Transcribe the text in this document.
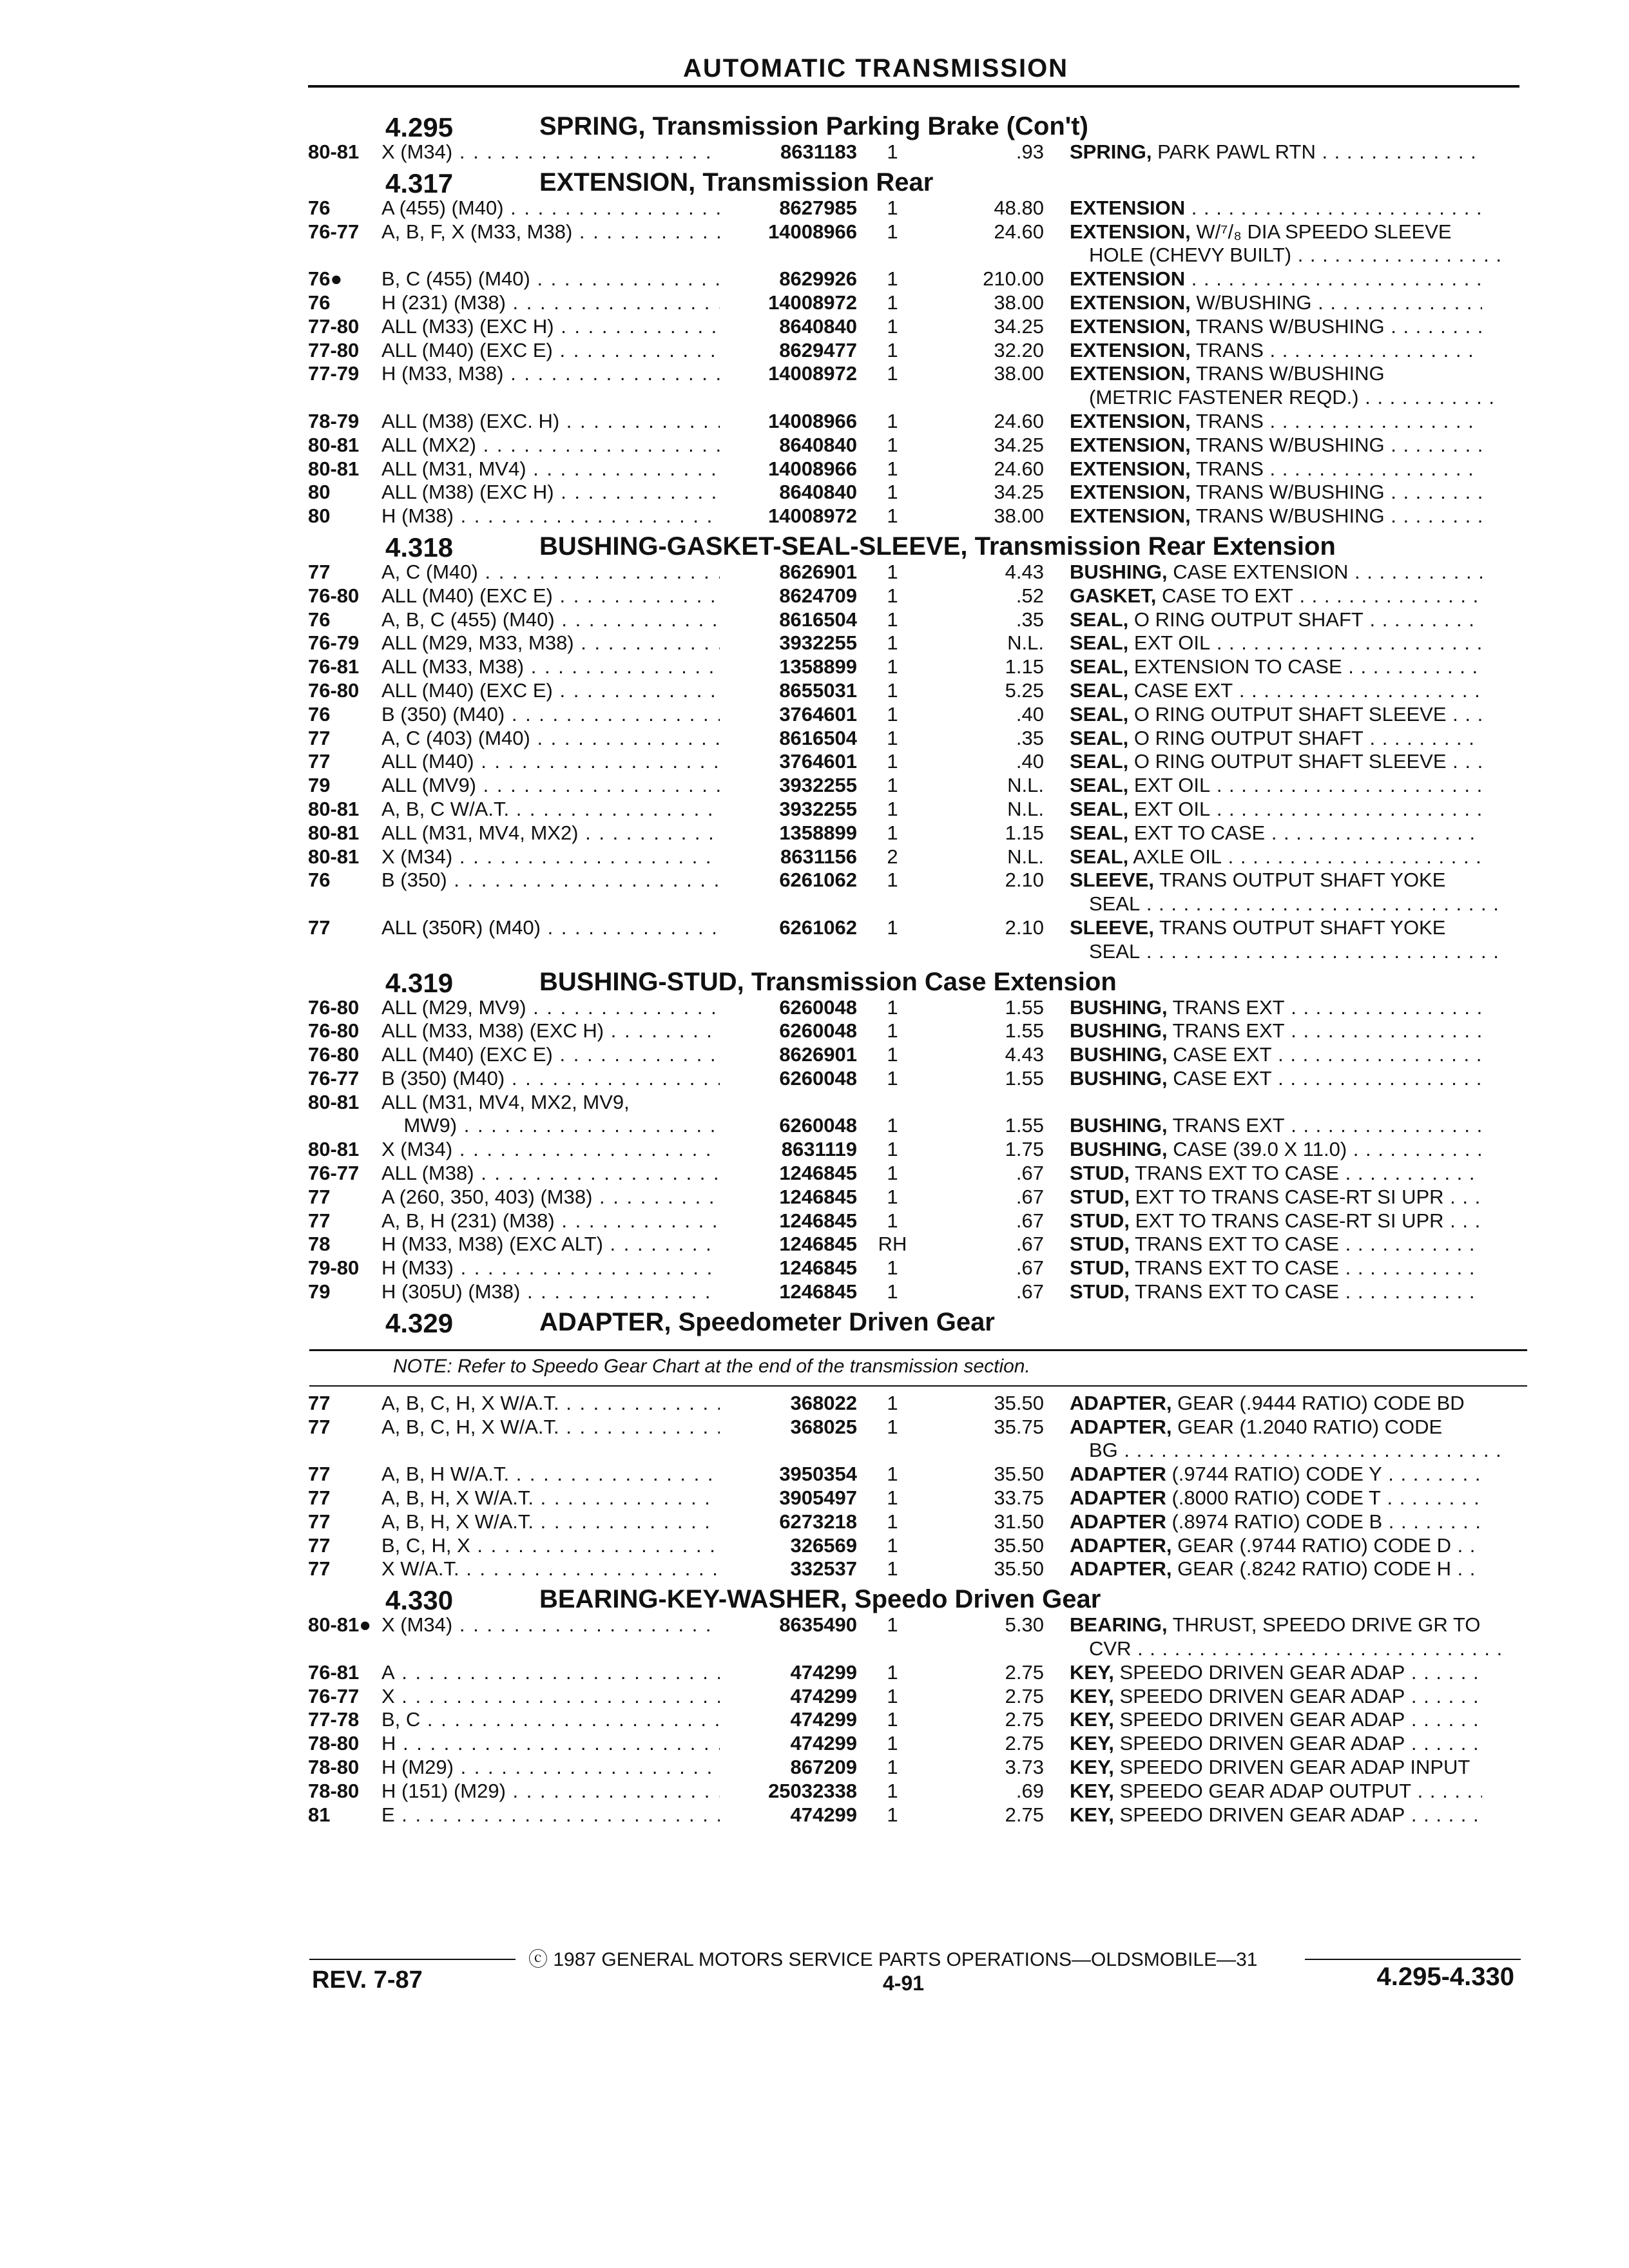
AUTOMATIC TRANSMISSION
4.295	SPRING, Transmission Parking Brake (Con't)
80-81 X (M34) . . .	8631183	1	.93 SPRING, PARK PAWL RTN . . .
4.317	EXTENSION, Transmission Rear
76	A (455) (M40) . . .	8627985	1	48.80 EXTENSION . . .
76-77 A, B, F, X (M33, M38) . . .	14008966	1	24.60 EXTENSION, W/⁷/₈ DIA SPEEDO SLEEVE
HOLE (CHEVY BUILT) . . .
76● B, C (455) (M40) . . .	8629926	1	210.00 EXTENSION . . .
76	H (231) (M38) . . .	14008972	1	38.00 EXTENSION, W/BUSHING . . .
77-80 ALL (M33) (EXC H) . . .	8640840	1	34.25 EXTENSION, TRANS W/BUSHING . . .
77-80 ALL (M40) (EXC E) . . .	8629477	1	32.20 EXTENSION, TRANS . . .
77-79 H (M33, M38) . . .	14008972	1	38.00 EXTENSION, TRANS W/BUSHING
(METRIC FASTENER REQD.) . . .
78-79 ALL (M38) (EXC. H) . . .	14008966	1	24.60 EXTENSION, TRANS . . .
80-81 ALL (MX2) . . .	8640840	1	34.25 EXTENSION, TRANS W/BUSHING . . .
80-81 ALL (M31, MV4) . . .	14008966	1	24.60 EXTENSION, TRANS . . .
80	ALL (M38) (EXC H) . . .	8640840	1	34.25 EXTENSION, TRANS W/BUSHING . . .
80	H (M38) . . .	14008972	1	38.00 EXTENSION, TRANS W/BUSHING . . .
4.318	BUSHING-GASKET-SEAL-SLEEVE, Transmission Rear Extension
77	A, C (M40) . . .	8626901	1	4.43 BUSHING, CASE EXTENSION . . .
76-80 ALL (M40) (EXC E) . . .	8624709	1	.52 GASKET, CASE TO EXT . . .
76	A, B, C (455) (M40) . . .	8616504	1	.35 SEAL, O RING OUTPUT SHAFT . . .
76-79 ALL (M29, M33, M38) . . .	3932255	1	N.L. SEAL, EXT OIL . . .
76-81 ALL (M33, M38) . . .	1358899	1	1.15 SEAL, EXTENSION TO CASE . . .
76-80 ALL (M40) (EXC E) . . .	8655031	1	5.25 SEAL, CASE EXT . . .
76	B (350) (M40) . . .	3764601	1	.40 SEAL, O RING OUTPUT SHAFT SLEEVE . . .
77	A, C (403) (M40) . . .	8616504	1	.35 SEAL, O RING OUTPUT SHAFT . . .
77	ALL (M40) . . .	3764601	1	.40 SEAL, O RING OUTPUT SHAFT SLEEVE . . .
79	ALL (MV9) . . .	3932255	1	N.L. SEAL, EXT OIL . . .
80-81 A, B, C W/A.T. . . .	3932255	1	N.L. SEAL, EXT OIL . . .
80-81 ALL (M31, MV4, MX2) . . .	1358899	1	1.15 SEAL, EXT TO CASE . . .
80-81 X (M34) . . .	8631156	2	N.L. SEAL, AXLE OIL . . .
76	B (350) . . .	6261062	1	2.10 SLEEVE, TRANS OUTPUT SHAFT YOKE
SEAL . . .
77	ALL (350R) (M40) . . .	6261062	1	2.10 SLEEVE, TRANS OUTPUT SHAFT YOKE
SEAL . . .
4.319	BUSHING-STUD, Transmission Case Extension
76-80 ALL (M29, MV9) . . .	6260048	1	1.55 BUSHING, TRANS EXT . . .
76-80 ALL (M33, M38) (EXC H) . . .	6260048	1	1.55 BUSHING, TRANS EXT . . .
76-80 ALL (M40) (EXC E) . . .	8626901	1	4.43 BUSHING, CASE EXT . . .
76-77 B (350) (M40) . . .	6260048	1	1.55 BUSHING, CASE EXT . . .
80-81 ALL (M31, MV4, MX2, MV9,
MW9) . . .	6260048	1	1.55 BUSHING, TRANS EXT . . .
80-81 X (M34) . . .	8631119	1	1.75 BUSHING, CASE (39.0 X 11.0) . . .
76-77 ALL (M38) . . .	1246845	1	.67 STUD, TRANS EXT TO CASE . . .
77	A (260, 350, 403) (M38) . . .	1246845	1	.67 STUD, EXT TO TRANS CASE-RT SI UPR . . .
77	A, B, H (231) (M38) . . .	1246845	1	.67 STUD, EXT TO TRANS CASE-RT SI UPR . . .
78	H (M33, M38) (EXC ALT) . . .	1246845 RH	.67 STUD, TRANS EXT TO CASE . . .
79-80 H (M33) . . .	1246845	1	.67 STUD, TRANS EXT TO CASE . . .
79	H (305U) (M38) . . .	1246845	1	.67 STUD, TRANS EXT TO CASE . . .
4.329	ADAPTER, Speedometer Driven Gear
NOTE: Refer to Speedo Gear Chart at the end of the transmission section.
77	A, B, C, H, X W/A.T. . . .	368022	1	35.50 ADAPTER, GEAR (.9444 RATIO) CODE BD
77	A, B, C, H, X W/A.T. . . .	368025	1	35.75 ADAPTER, GEAR (1.2040 RATIO) CODE
BG . . .
77	A, B, H W/A.T. . . .	3950354	1	35.50 ADAPTER (.9744 RATIO) CODE Y . . .
77	A, B, H, X W/A.T. . . .	3905497	1	33.75 ADAPTER (.8000 RATIO) CODE T . . .
77	A, B, H, X W/A.T. . . .	6273218	1	31.50 ADAPTER (.8974 RATIO) CODE B . . .
77	B, C, H, X . . .	326569	1	35.50 ADAPTER, GEAR (.9744 RATIO) CODE D . . .
77	X W/A.T. . . .	332537	1	35.50 ADAPTER, GEAR (.8242 RATIO) CODE H . . .
4.330	BEARING-KEY-WASHER, Speedo Driven Gear
80-81● X (M34) . . .	8635490	1	5.30 BEARING, THRUST, SPEEDO DRIVE GR TO
CVR . . .
76-81 A . . .	474299	1	2.75 KEY, SPEEDO DRIVEN GEAR ADAP . . .
76-77 X . . .	474299	1	2.75 KEY, SPEEDO DRIVEN GEAR ADAP . . .
77-78 B, C . . .	474299	1	2.75 KEY, SPEEDO DRIVEN GEAR ADAP . . .
78-80 H . . .	474299	1	2.75 KEY, SPEEDO DRIVEN GEAR ADAP . . .
78-80 H (M29) . . .	867209	1	3.73 KEY, SPEEDO DRIVEN GEAR ADAP INPUT
78-80 H (151) (M29) . . .	25032338	1	.69 KEY, SPEEDO GEAR ADAP OUTPUT . . .
81	E . . .	474299	1	2.75 KEY, SPEEDO DRIVEN GEAR ADAP . . .
ⓒ 1987 GENERAL MOTORS SERVICE PARTS OPERATIONS—OLDSMOBILE—31
REV. 7-87	4-91	4.295-4.330
